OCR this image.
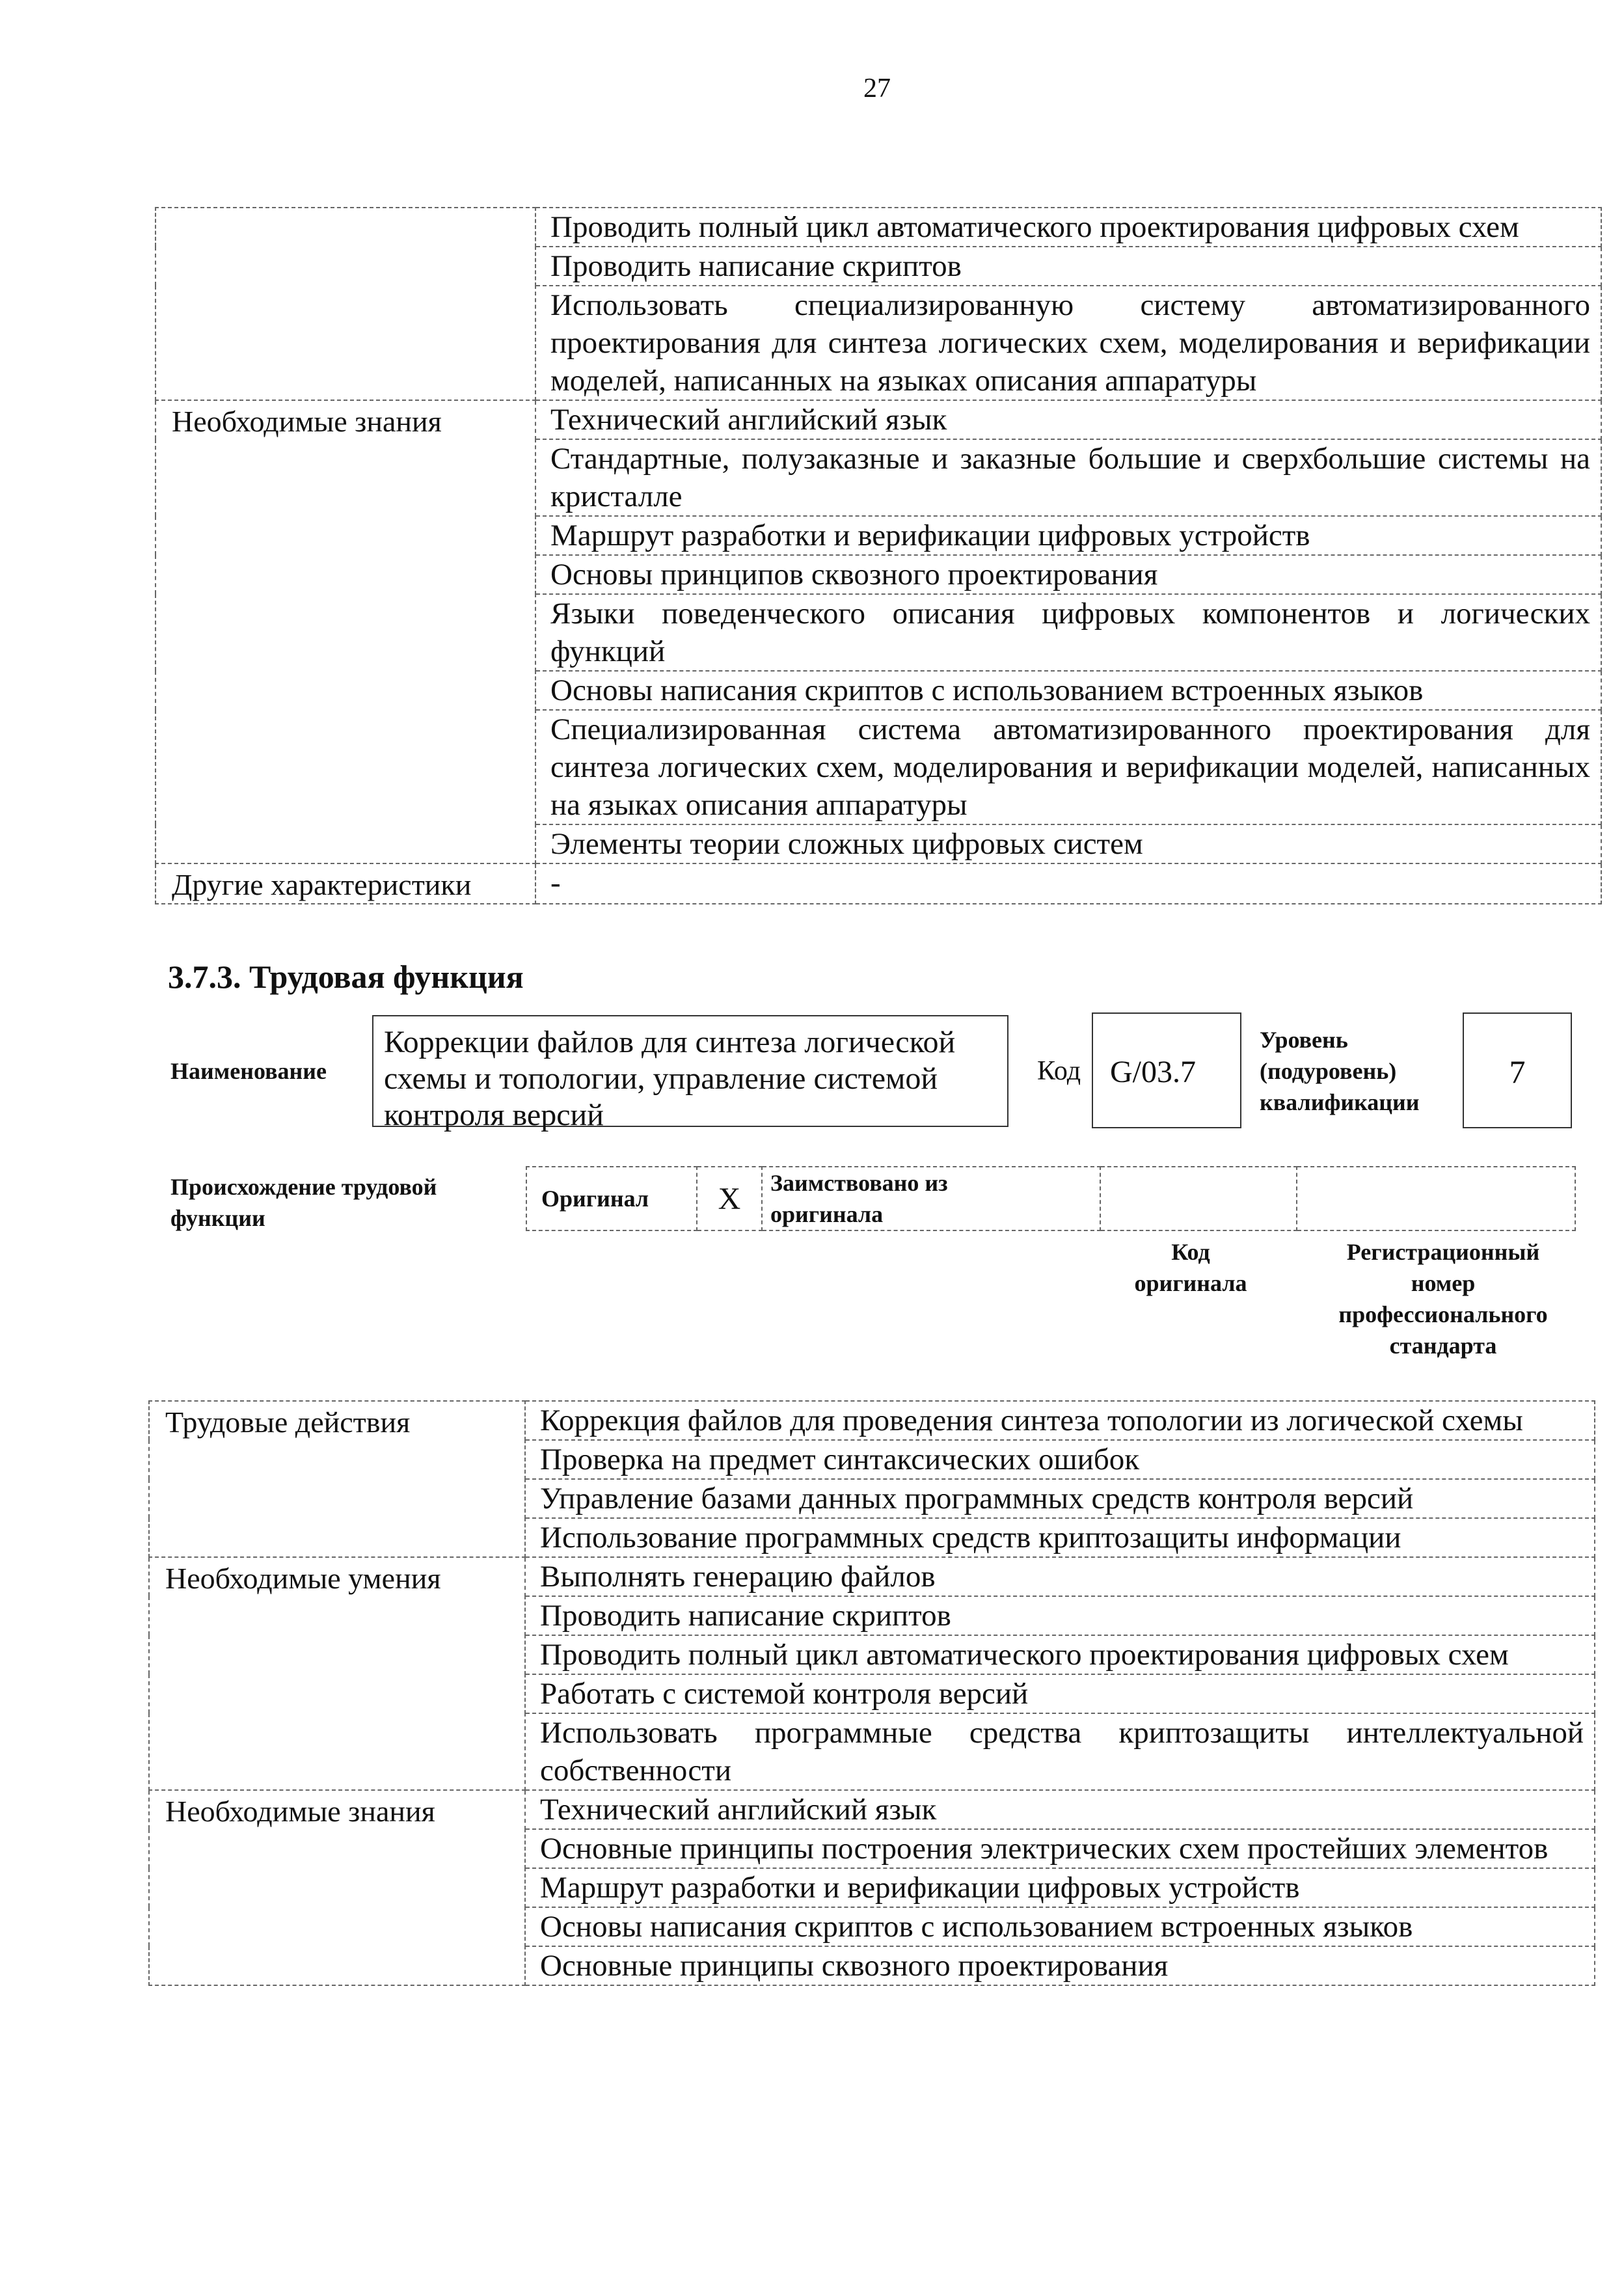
27
	Проводить полный цикл автоматического проектирования цифровых схем
	Проводить написание скриптов
	Использовать специализированную систему автоматизированного проектирования для синтеза логических схем, моделирования и верификации моделей, написанных на языках описания аппаратуры
Необходимые знания	Технический английский язык
	Стандартные, полузаказные и заказные большие и сверхбольшие системы на кристалле
	Маршрут разработки и верификации цифровых устройств
	Основы принципов сквозного проектирования
	Языки поведенческого описания цифровых компонентов и логических функций
	Основы написания скриптов с использованием встроенных языков
	Специализированная система автоматизированного проектирования для синтеза логических схем, моделирования и верификации моделей, написанных на языках описания аппаратуры
	Элементы теории сложных цифровых систем
Другие характеристики	-
3.7.3. Трудовая функция
Наименование
Коррекции файлов для синтеза логической схемы и топологии, управление системой контроля версий
Код G/03.7
Уровень
(подуровень)
квалификации
7
Происхождение трудовой
функции
Оригинал	X	Заимствовано из
оригинала

Код
оригинала
Регистрационный
номер
профессионального
стандарта
Трудовые действия	Коррекция файлов для проведения синтеза топологии из логической схемы
	Проверка на предмет синтаксических ошибок
	Управление базами данных программных средств контроля версий
	Использование программных средств криптозащиты информации
Необходимые умения	Выполнять генерацию файлов
	Проводить написание скриптов
	Проводить полный цикл автоматического проектирования цифровых схем
	Работать с системой контроля версий
	Использовать программные средства криптозащиты интеллектуальной собственности
Необходимые знания	Технический английский язык
	Основные принципы построения электрических схем простейших элементов
	Маршрут разработки и верификации цифровых устройств
	Основы написания скриптов с использованием встроенных языков
	Основные принципы сквозного проектирования
